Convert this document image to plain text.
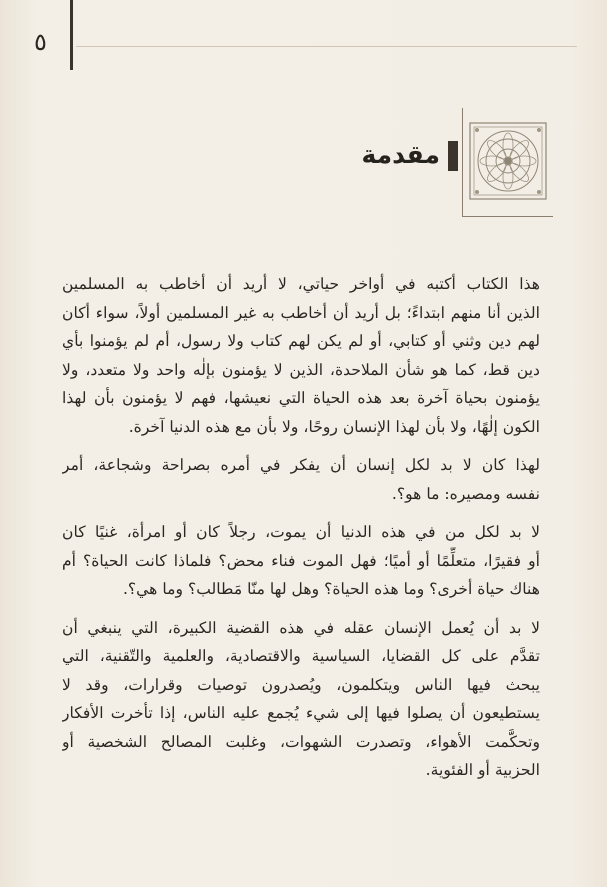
٥
مقدمة
هذا الكتاب أكتبه في أواخر حياتي، لا أريد أن أخاطب به المسلمين
الذين أنا منهم ابتداءً؛ بل أريد أن أخاطب به غير المسلمين أولاً، سواء أكان
لهم دين وثني أو كتابي، أو لم يكن لهم كتاب ولا رسول، أم لم يؤمنوا بأي
دين قط، كما هو شأن الملاحدة، الذين لا يؤمنون بإلٰه واحد ولا متعدد، ولا
يؤمنون بحياة آخرة بعد هذه الحياة التي نعيشها، فهم لا يؤمنون بأن لهذا
الكون إلٰهًا، ولا بأن لهذا الإنسان روحًا، ولا بأن مع هذه الدنيا آخرة.
لهذا كان لا بد لكل إنسان أن يفكر في أمره بصراحة وشجاعة، أمر
نفسه ومصيره: ما هو؟.
لا بد لكل من في هذه الدنيا أن يموت، رجلاً كان أو امرأة، غنيًا كان
أو فقيرًا، متعلِّمًا أو أميًا؛ فهل الموت فناء محض؟ فلماذا كانت الحياة؟ أم
هناك حياة أخرى؟ وما هذه الحياة؟ وهل لها منّا مَطالب؟ وما هي؟.
لا بد أن يُعمل الإنسان عقله في هذه القضية الكبيرة، التي ينبغي أن
تقدَّم على كل القضايا، السياسية والاقتصادية، والعلمية والتّقنية، التي
يبحث فيها الناس ويتكلمون، ويُصدرون توصيات وقرارات، وقد لا
يستطيعون أن يصلوا فيها إلى شيء يُجمع عليه الناس، إذا تأخرت الأفكار
وتحكَّمت الأهواء، وتصدرت الشهوات، وغلبت المصالح الشخصية أو
الحزبية أو الفئوية.
